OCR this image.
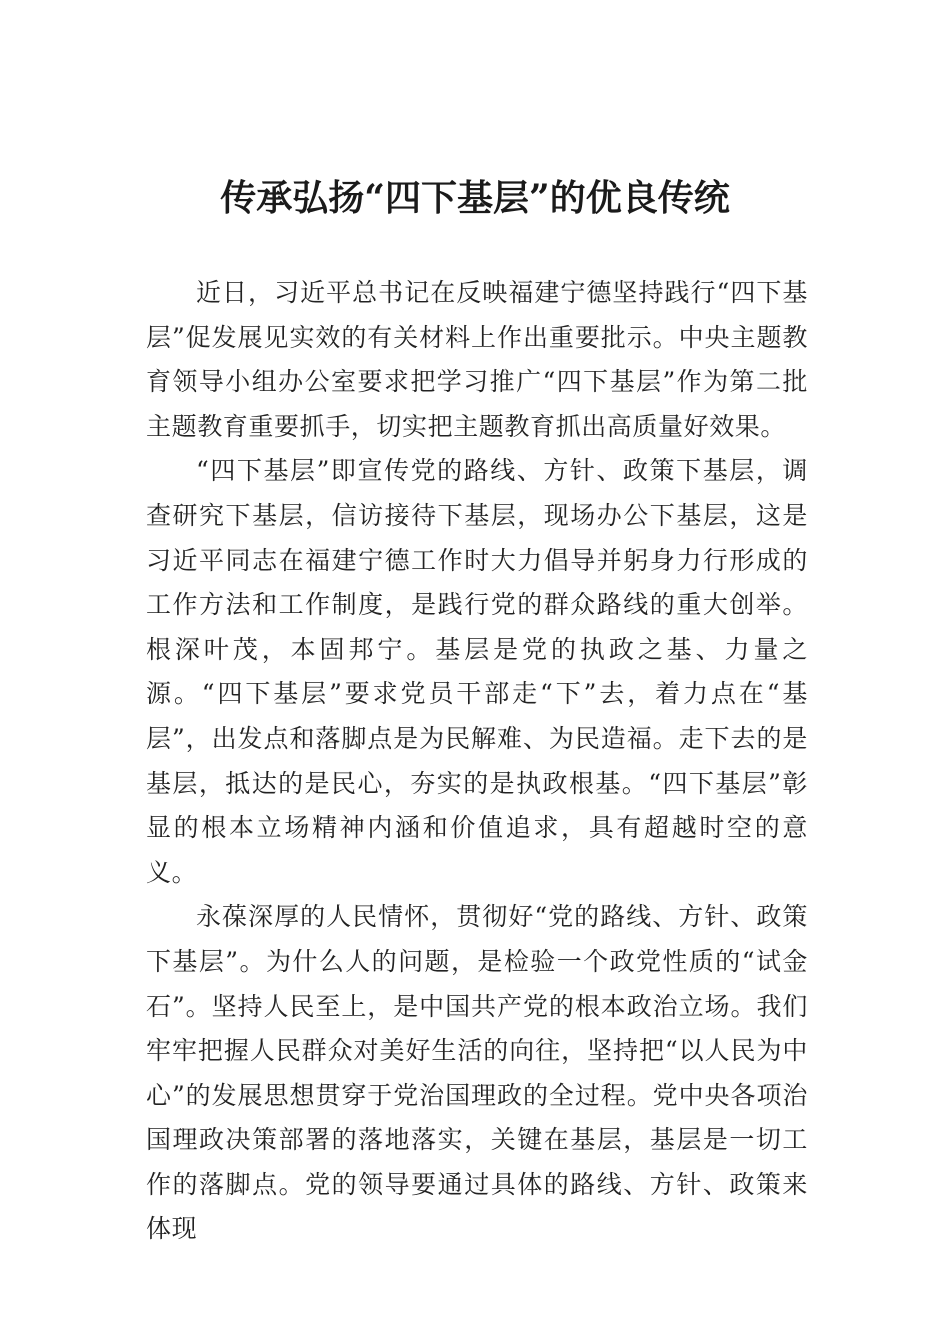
传承弘扬“四下基层”的优良传统

近日，习近平总书记在反映福建宁德坚持践行“四下基层”促发展见实效的有关材料上作出重要批示。中央主题教育领导小组办公室要求把学习推广“四下基层”作为第二批主题教育重要抓手，切实把主题教育抓出高质量好效果。

“四下基层”即宣传党的路线、方针、政策下基层，调查研究下基层，信访接待下基层，现场办公下基层，这是习近平同志在福建宁德工作时大力倡导并躬身力行形成的工作方法和工作制度，是践行党的群众路线的重大创举。根深叶茂，本固邦宁。基层是党的执政之基、力量之源。“四下基层”要求党员干部走“下”去，着力点在“基层”，出发点和落脚点是为民解难、为民造福。走下去的是基层，抵达的是民心，夯实的是执政根基。“四下基层”彰显的根本立场精神内涵和价值追求，具有超越时空的意义。

永葆深厚的人民情怀，贯彻好“党的路线、方针、政策下基层”。为什么人的问题，是检验一个政党性质的“试金石”。坚持人民至上，是中国共产党的根本政治立场。我们牢牢把握人民群众对美好生活的向往，坚持把“以人民为中心”的发展思想贯穿于党治国理政的全过程。党中央各项治国理政决策部署的落地落实，关键在基层，基层是一切工作的落脚点。党的领导要通过具体的路线、方针、政策来体现
